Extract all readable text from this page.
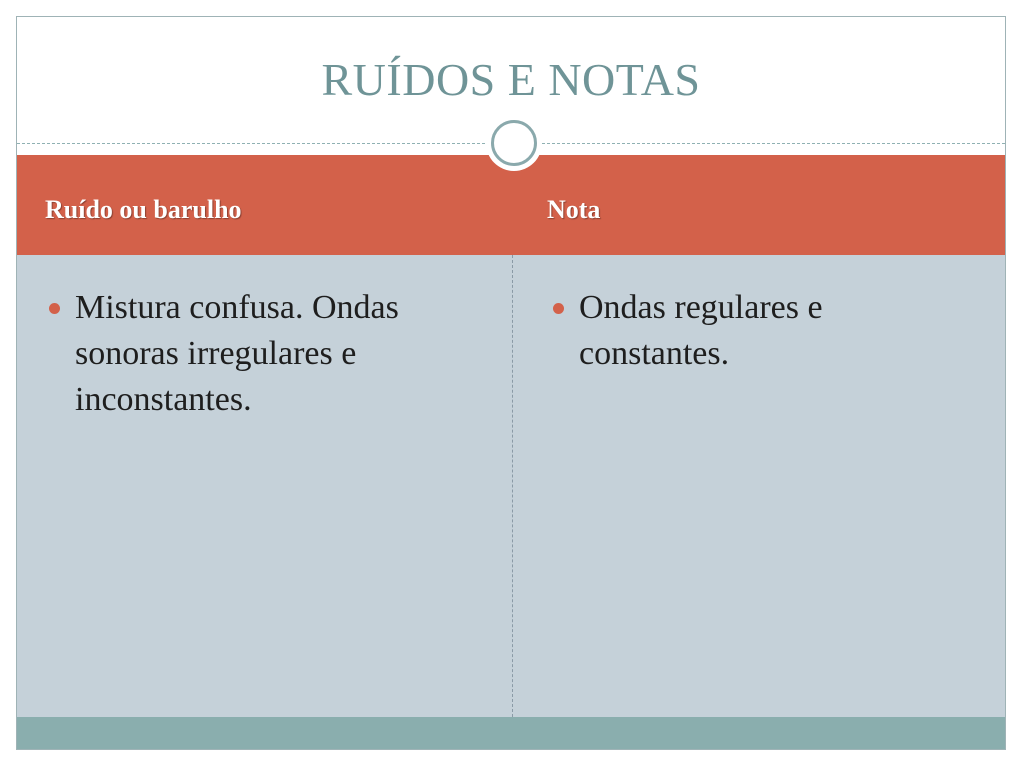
RUÍDOS E NOTAS
Ruído ou barulho	Nota
Mistura confusa. Ondas sonoras irregulares e inconstantes.
Ondas regulares e constantes.
